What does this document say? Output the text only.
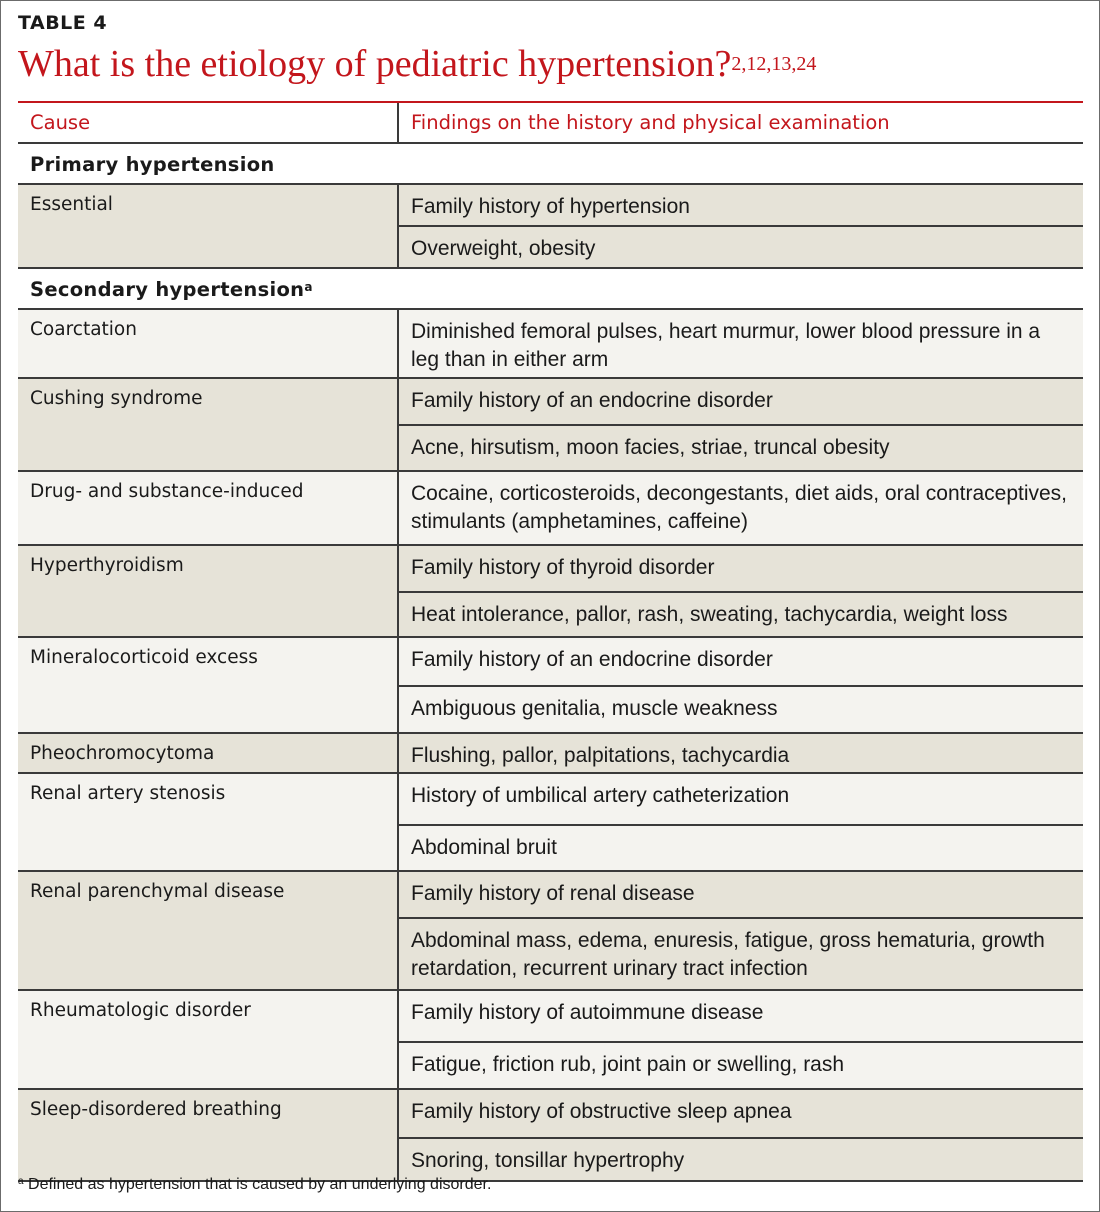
TABLE 4
What is the etiology of pediatric hypertension?$^{2,12,13,24}$
Cause	Findings on the history and physical examination
Primary hypertension
Essential	Family history of hypertension
Overweight, obesity
Secondary hypertension$^a$
Coarctation	Diminished femoral pulses, heart murmur, lower blood pressure in a leg than in either arm
Cushing syndrome	Family history of an endocrine disorder
Acne, hirsutism, moon facies, striae, truncal obesity
Drug- and substance-induced	Cocaine, corticosteroids, decongestants, diet aids, oral contraceptives, stimulants (amphetamines, caffeine)
Hyperthyroidism	Family history of thyroid disorder
Heat intolerance, pallor, rash, sweating, tachycardia, weight loss
Mineralocorticoid excess	Family history of an endocrine disorder
Ambiguous genitalia, muscle weakness
Pheochromocytoma	Flushing, pallor, palpitations, tachycardia
Renal artery stenosis	History of umbilical artery catheterization
Abdominal bruit
Renal parenchymal disease	Family history of renal disease
Abdominal mass, edema, enuresis, fatigue, gross hematuria, growth retardation, recurrent urinary tract infection
Rheumatologic disorder	Family history of autoimmune disease
Fatigue, friction rub, joint pain or swelling, rash
Sleep-disordered breathing	Family history of obstructive sleep apnea
Snoring, tonsillar hypertrophy
$^a$ Defined as hypertension that is caused by an underlying disorder.
